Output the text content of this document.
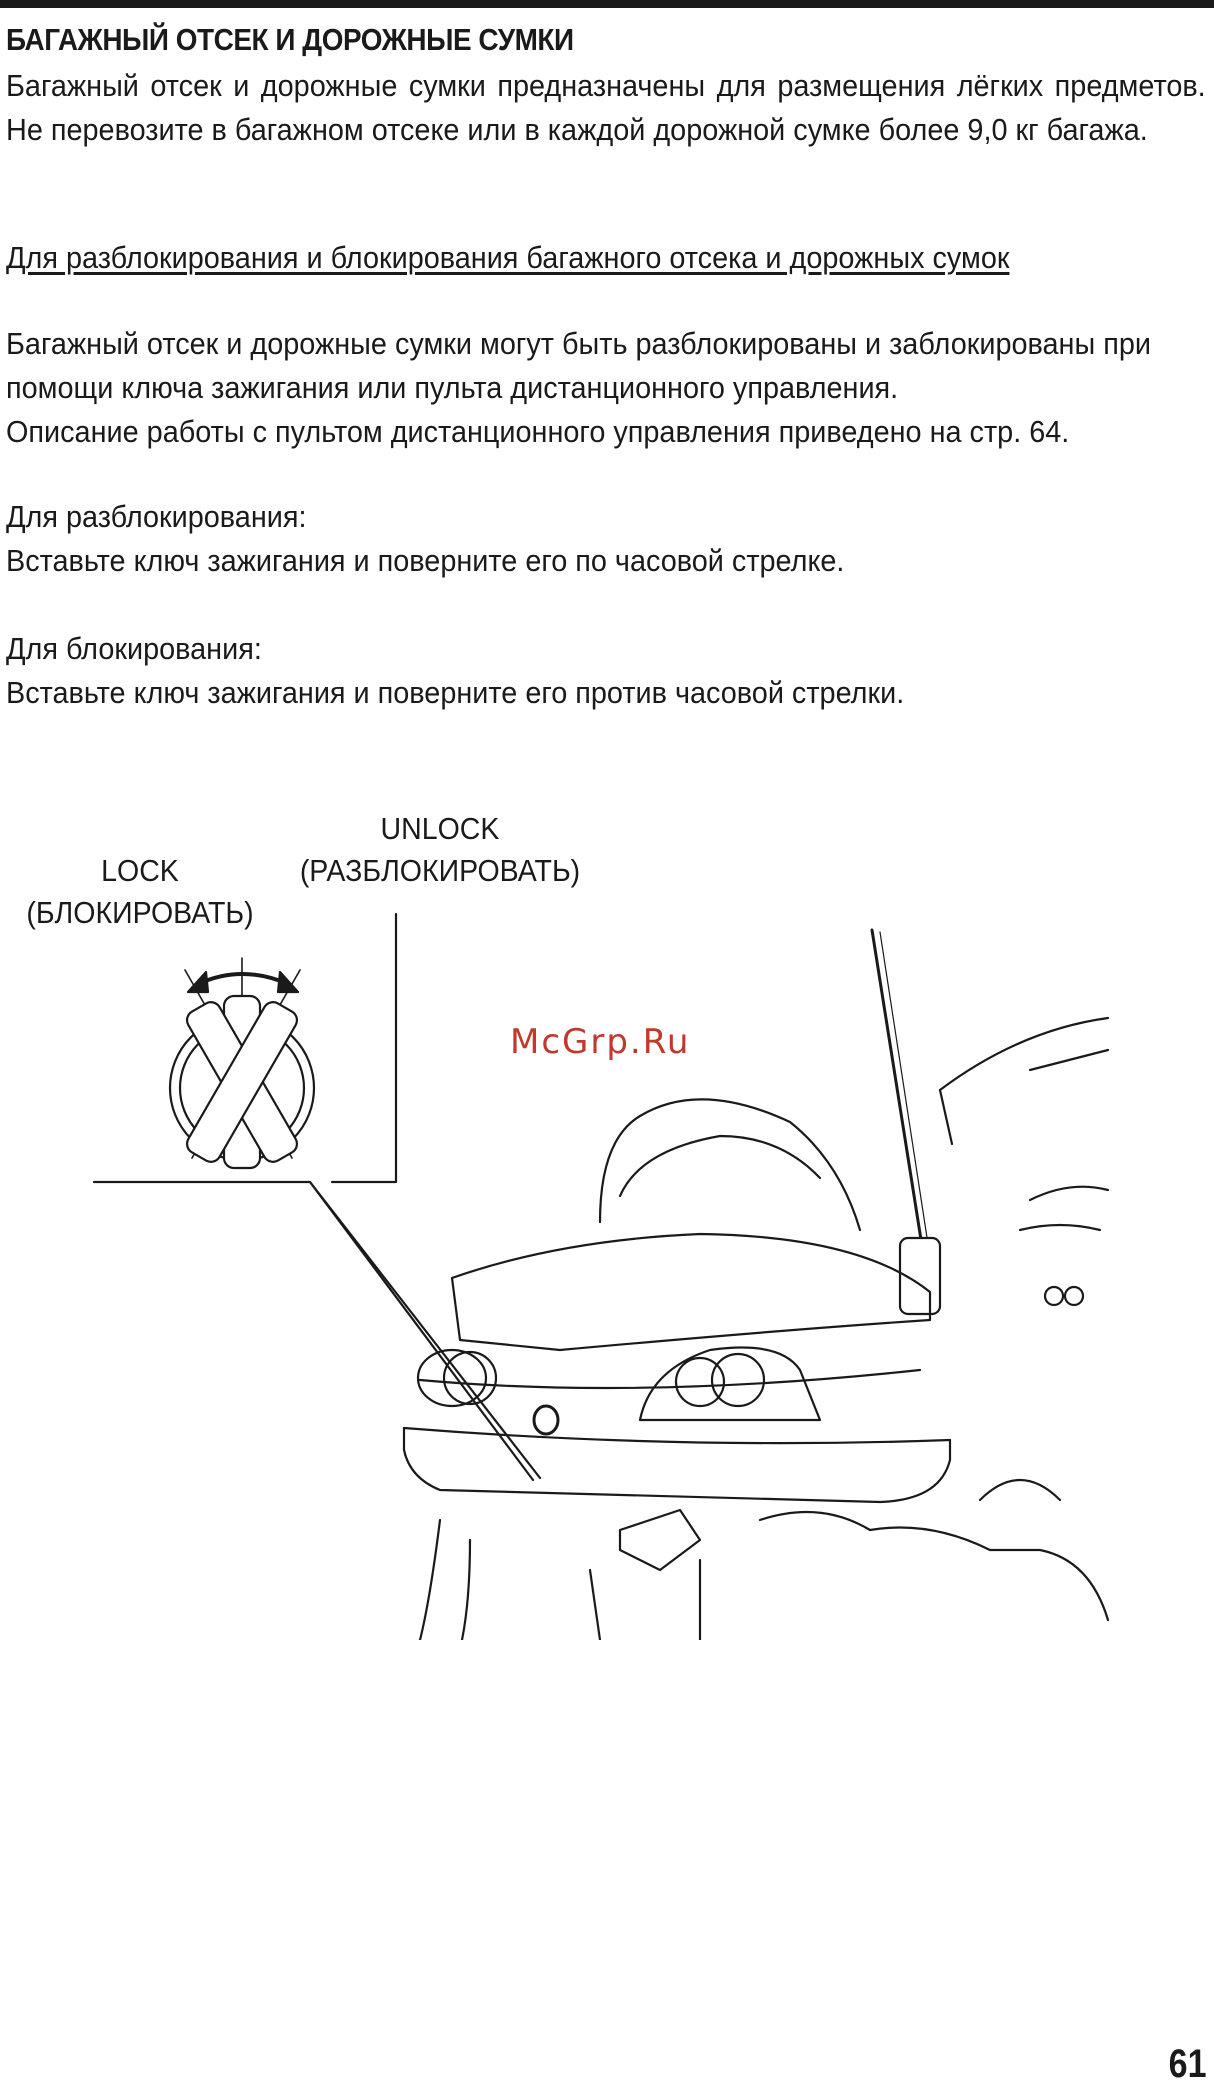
БАГАЖНЫЙ ОТСЕК И ДОРОЖНЫЕ СУМКИ

Багажный отсек и дорожные сумки предназначены для размещения лёгких предметов. Не перевозите в багажном отсеке или в каждой дорожной сумке более 9,0 кг багажа.

Для разблокирования и блокирования багажного отсека и дорожных сумок

Багажный отсек и дорожные сумки могут быть разблокированы и заблокированы при помощи ключа зажигания или пульта дистанционного управления.

Описание работы с пультом дистанционного управления приведено на стр. 64.

Для разблокирования:

Вставьте ключ зажигания и поверните его по часовой стрелке.

Для блокирования:

Вставьте ключ зажигания и поверните его против часовой стрелки.

UNLOCK
(РАЗБЛОКИРОВАТЬ)
LOCK
(БЛОКИРОВАТЬ)
McGrp.Ru
61
